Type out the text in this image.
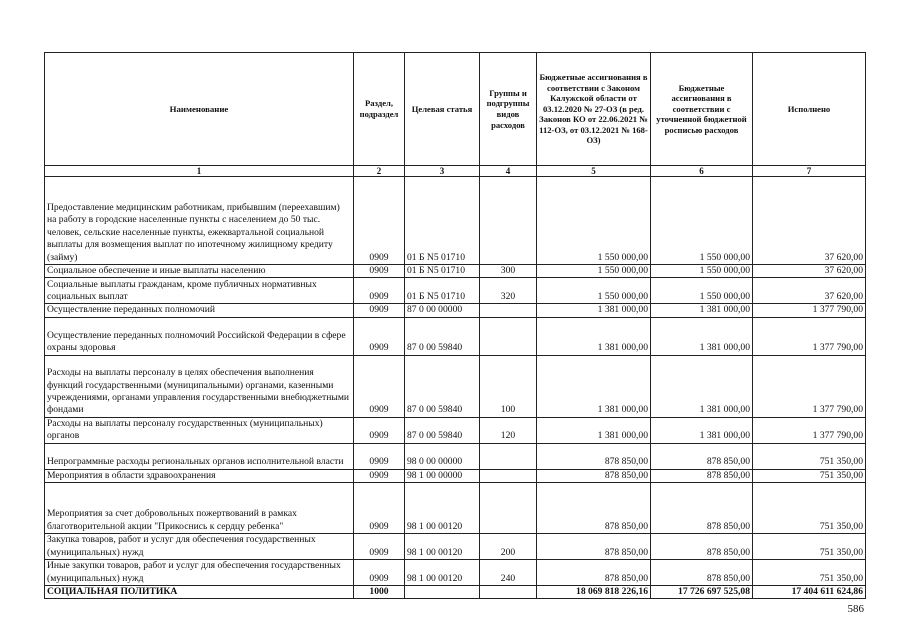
Наименование	Раздел, подраздел	Целевая статья	Группы и подгруппы видов расходов	Бюджетные ассигнования в соответствии с Законом Калужской области от 03.12.2020 № 27-ОЗ (в ред. Законов КО от 22.06.2021 № 112-ОЗ, от 03.12.2021 № 168-ОЗ)	Бюджетные ассигнования в соответствии с уточненной бюджетной росписью расходов	Исполнено
1	2	3	4	5	6	7
Предоставление медицинским работникам, прибывшим (переехавшим) на работу в городские населенные пункты с населением до 50 тыс. человек, сельские населенные пункты, ежеквартальной социальной выплаты для возмещения выплат по ипотечному жилищному кредиту (займу)	0909	01 Б N5 01710		1 550 000,00	1 550 000,00	37 620,00
Социальное обеспечение и иные выплаты населению	0909	01 Б N5 01710	300	1 550 000,00	1 550 000,00	37 620,00
Социальные выплаты гражданам, кроме публичных нормативных социальных выплат	0909	01 Б N5 01710	320	1 550 000,00	1 550 000,00	37 620,00
Осуществление переданных полномочий	0909	87 0 00 00000		1 381 000,00	1 381 000,00	1 377 790,00
Осуществление переданных полномочий Российской Федерации в сфере охраны здоровья	0909	87 0 00 59840		1 381 000,00	1 381 000,00	1 377 790,00
Расходы на выплаты персоналу в целях обеспечения выполнения функций государственными (муниципальными) органами, казенными учреждениями, органами управления государственными внебюджетными фондами	0909	87 0 00 59840	100	1 381 000,00	1 381 000,00	1 377 790,00
Расходы на выплаты персоналу государственных (муниципальных) органов	0909	87 0 00 59840	120	1 381 000,00	1 381 000,00	1 377 790,00
Непрограммные расходы региональных органов исполнительной власти	0909	98 0 00 00000		878 850,00	878 850,00	751 350,00
Мероприятия в области здравоохранения	0909	98 1 00 00000		878 850,00	878 850,00	751 350,00
Мероприятия за счет добровольных пожертвований в рамках благотворительной акции "Прикоснись к сердцу ребенка"	0909	98 1 00 00120		878 850,00	878 850,00	751 350,00
Закупка товаров, работ и услуг для обеспечения государственных (муниципальных) нужд	0909	98 1 00 00120	200	878 850,00	878 850,00	751 350,00
Иные закупки товаров, работ и услуг для обеспечения государственных (муниципальных) нужд	0909	98 1 00 00120	240	878 850,00	878 850,00	751 350,00
СОЦИАЛЬНАЯ ПОЛИТИКА	1000			18 069 818 226,16	17 726 697 525,08	17 404 611 624,86
586
